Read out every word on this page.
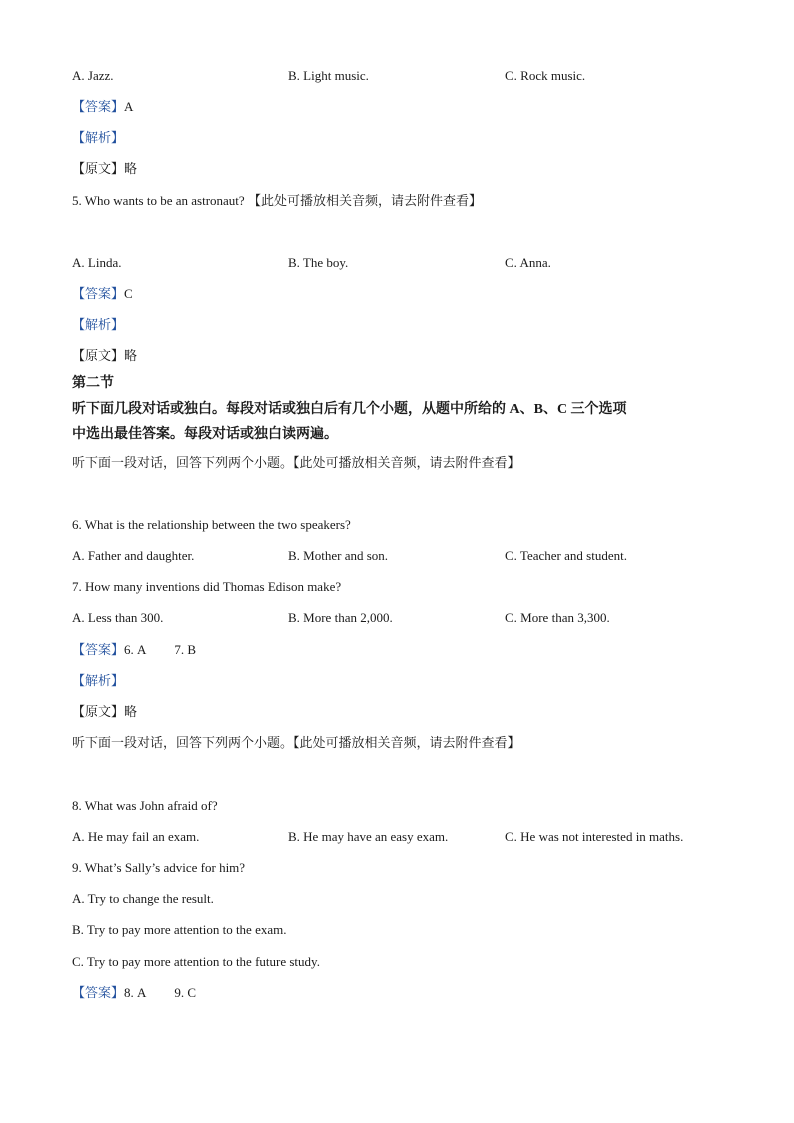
A. Jazz.	B. Light music.	C. Rock music.
【答案】A
【解析】
【原文】略
5. Who wants to be an astronaut? 【此处可播放相关音频，请去附件查看】
A. Linda.	B. The boy.	C. Anna.
【答案】C
【解析】
【原文】略
第二节
听下面几段对话或独白。每段对话或独白后有几个小题，从题中所给的 A、B、C 三个选项
中选出最佳答案。每段对话或独白读两遍。
听下面一段对话，回答下列两个小题。【此处可播放相关音频，请去附件查看】
6. What is the relationship between the two speakers?
A. Father and daughter.	B. Mother and son.	C. Teacher and student.
7. How many inventions did Thomas Edison make?
A. Less than 300.	B. More than 2,000.	C. More than 3,300.
【答案】6. A 7. B
【解析】
【原文】略
听下面一段对话，回答下列两个小题。【此处可播放相关音频，请去附件查看】
8. What was John afraid of?
A. He may fail an exam.	B. He may have an easy exam.	C. He was not interested in maths.
9. What’s Sally’s advice for him?
A. Try to change the result.
B. Try to pay more attention to the exam.
C. Try to pay more attention to the future study.
【答案】8. A 9. C
